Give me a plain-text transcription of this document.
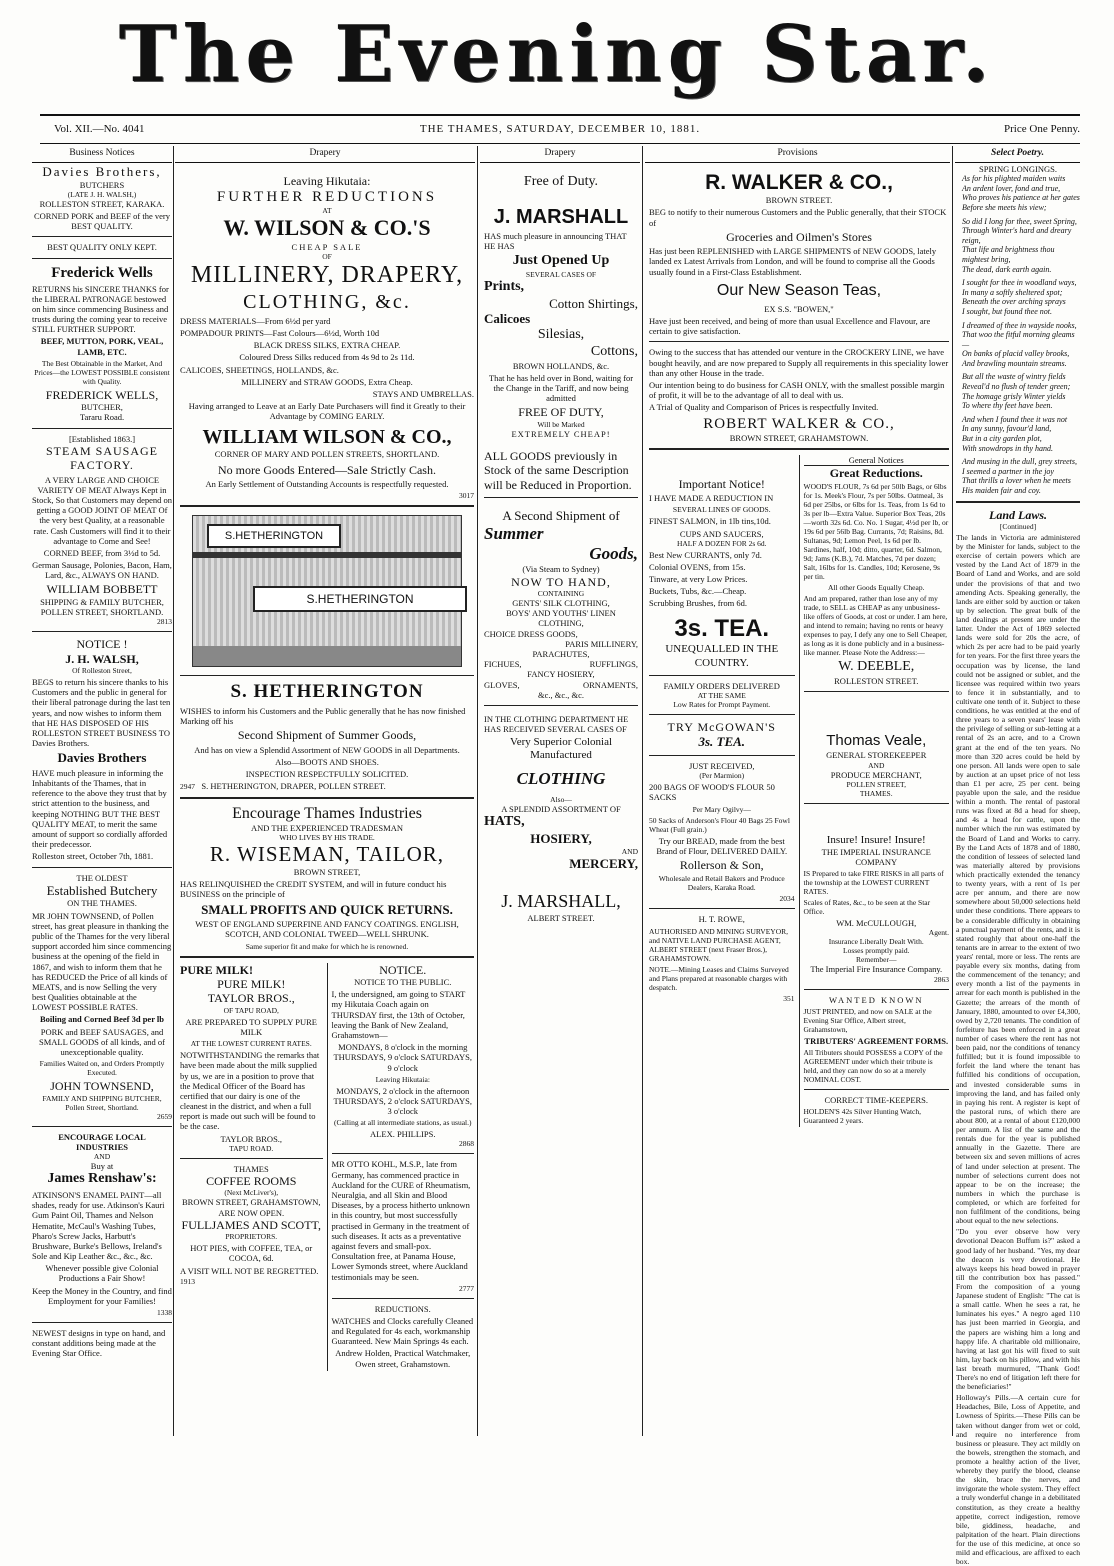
The Evening Star.
Vol. XII.—No. 4041	THE THAMES, SATURDAY, DECEMBER 10, 1881.	Price One Penny.
Business Notices	Drapery	Drapery	Provisions	Select Poetry.
Davies Brothers,
BUTCHERS
(LATE J. H. WALSH,)
ROLLESTON STREET, KARAKA.

CORNED PORK and BEEF of the very BEST QUALITY.

BEST QUALITY ONLY KEPT.
Frederick Wells

RETURNS his SINCERE THANKS for the LIBERAL PATRONAGE bestowed on him since commencing Business and trusts during the coming year to receive STILL FURTHER SUPPORT.

BEEF, MUTTON, PORK, VEAL, LAMB, ETC.

The Best Obtainable in the Market, And Prices—the LOWEST POSSIBLE consistent with Quality.

FREDERICK WELLS,
BUTCHER,
Tararu Road.
[Established 1863.]
STEAM SAUSAGE FACTORY.

A VERY LARGE AND CHOICE VARIETY OF MEAT Always Kept in Stock, So that Customers may depend on getting a GOOD JOINT OF MEAT Of the very best Quality, at a reasonable rate. Cash Customers will find it to their advantage to Come and See!

CORNED BEEF, from 3½d to 5d.

German Sausage, Polonies, Bacon, Ham, Lard, &c., ALWAYS ON HAND.

WILLIAM BOBBETT
SHIPPING & FAMILY BUTCHER, POLLEN STREET, SHORTLAND.
2813
NOTICE !
J. H. WALSH,
Of Rolleston Street,

BEGS to return his sincere thanks to his Customers and the public in general for their liberal patronage during the last ten years, and now wishes to inform them that HE HAS DISPOSED OF HIS ROLLESTON STREET BUSINESS TO Davies Brothers.

Davies Brothers

HAVE much pleasure in informing the Inhabitants of the Thames, that in reference to the above they trust that by strict attention to the business, and keeping NOTHING BUT THE BEST QUALITY MEAT, to merit the same amount of support so cordially afforded their predecessor.

Rolleston street, October 7th, 1881.

THE OLDEST
Established Butchery
ON THE THAMES.

MR JOHN TOWNSEND, of Pollen street, has great pleasure in thanking the public of the Thames for the very liberal support accorded him since commencing business at the opening of the field in 1867, and wish to inform them that he has REDUCED the Price of all kinds of MEATS, and is now Selling the very best Qualities obtainable at the LOWEST POSSIBLE RATES.

Boiling and Corned Beef 3d per lb

PORK and BEEF SAUSAGES, and SMALL GOODS of all kinds, and of unexceptionable quality.

Families Waited on, and Orders Promptly Executed.

JOHN TOWNSEND,
FAMILY AND SHIPPING BUTCHER, Pollen Street, Shortland.
2659
ENCOURAGE LOCAL INDUSTRIES
AND
Buy at
James Renshaw's:

ATKINSON'S ENAMEL PAINT—all shades, ready for use. Atkinson's Kauri Gum Paint Oil, Thames and Nelson Hematite, McCaul's Washing Tubes, Pharo's Screw Jacks, Harbutt's Brushware, Burke's Bellows, Ireland's Sole and Kip Leather &c., &c., &c.

Whenever possible give Colonial Productions a Fair Show!

Keep the Money in the Country, and find Employment for your Families!

1338

NEWEST designs in type on hand, and constant additions being made at the Evening Star Office.

Leaving Hikutaia:
FURTHER REDUCTIONS
AT
W. WILSON & CO.'S
CHEAP SALE
OF
MILLINERY, DRAPERY,
CLOTHING, &c.

DRESS MATERIALS—From 6½d per yard

POMPADOUR PRINTS—Fast Colours—6½d, Worth 10d

BLACK DRESS SILKS, EXTRA CHEAP.

Coloured Dress Silks reduced from 4s 9d to 2s 11d.

CALICOES, SHEETINGS, HOLLANDS, &c.

MILLINERY and STRAW GOODS, Extra Cheap.

STAYS AND UMBRELLAS.

Having arranged to Leave at an Early Date Purchasers will find it Greatly to their Advantage by COMING EARLY.

WILLIAM WILSON & CO.,
CORNER OF MARY AND POLLEN STREETS, SHORTLAND.
No more Goods Entered—Sale Strictly Cash.

An Early Settlement of Outstanding Accounts is respectfully requested.

3017
S.HETHERINGTON
S.HETHERINGTON
S. HETHERINGTON

WISHES to inform his Customers and the Public generally that he has now finished Marking off his

Second Shipment of Summer Goods,

And has on view a Splendid Assortment of NEW GOODS in all Departments.

Also—BOOTS AND SHOES.

INSPECTION RESPECTFULLY SOLICITED.

2947 S. HETHERINGTON, DRAPER, POLLEN STREET.

Encourage Thames Industries
AND THE EXPERIENCED TRADESMAN
WHO LIVES BY HIS TRADE.
R. WISEMAN, TAILOR,
BROWN STREET,

HAS RELINQUISHED the CREDIT SYSTEM, and will in future conduct his BUSINESS on the principle of

SMALL PROFITS AND QUICK RETURNS.

WEST OF ENGLAND SUPERFINE AND FANCY COATINGS. ENGLISH, SCOTCH, AND COLONIAL TWEED—WELL SHRUNK.

Same superior fit and make for which he is renowned.

PURE MILK!
PURE MILK!
TAYLOR BROS.,
OF TAPU ROAD,

ARE PREPARED TO SUPPLY PURE MILK

AT THE LOWEST CURRENT RATES.

NOTWITHSTANDING the remarks that have been made about the milk supplied by us, we are in a position to prove that the Medical Officer of the Board has certified that our dairy is one of the cleanest in the district, and when a full report is made out such will be found to be the case.

TAYLOR BROS.,
TAPU ROAD.
THAMES
COFFEE ROOMS
(Next McLiver's),
BROWN STREET, GRAHAMSTOWN,
ARE NOW OPEN.
FULLJAMES AND SCOTT,
PROPRIETORS.

HOT PIES, with COFFEE, TEA, or COCOA, 6d.

A VISIT WILL NOT BE REGRETTED. 1913

NOTICE.
NOTICE TO THE PUBLIC.

I, the undersigned, am going to START my Hikutaia Coach again on THURSDAY first, the 13th of October, leaving the Bank of New Zealand, Grahamstown—

MONDAYS, 8 o'clock in the morning THURSDAYS, 9 o'clock SATURDAYS, 9 o'clock

Leaving Hikutaia:

MONDAYS, 2 o'clock in the afternoon THURSDAYS, 2 o'clock SATURDAYS, 3 o'clock

(Calling at all intermediate stations, as usual.)

ALEX. PHILLIPS.
2868

MR OTTO KOHL, M.S.P., late from Germany, has commenced practice in Auckland for the CURE of Rheumatism, Neuralgia, and all Skin and Blood Diseases, by a process hitherto unknown in this country, but most successfully practised in Germany in the treatment of such diseases. It acts as a preventative against fevers and small-pox. Consultation free, at Panama House, Lower Symonds street, where Auckland testimonials may be seen.

2777
REDUCTIONS.

WATCHES and Clocks carefully Cleaned and Regulated for 4s each, workmanship Guaranteed. New Main Springs 4s each.

Andrew Holden, Practical Watchmaker, Owen street, Grahamstown.

Free of Duty.
J. MARSHALL

HAS much pleasure in announcing THAT HE HAS

Just Opened Up
SEVERAL CASES OF
Prints,
Cotton Shirtings,
Calicoes
Silesias,
Cottons,
BROWN HOLLANDS, &c.

That he has held over in Bond, waiting for the Change in the Tariff, and now being admitted

FREE OF DUTY,
Will be Marked
EXTREMELY CHEAP!

ALL GOODS previously in Stock of the same Description will be Reduced in Proportion.

A Second Shipment of
Summer
Goods,
(Via Steam to Sydney)
NOW TO HAND,
CONTAINING
GENTS' SILK CLOTHING,
BOYS' AND YOUTHS' LINEN CLOTHING,
CHOICE DRESS GOODS,
PARIS MILLINERY,
PARACHUTES,
FICHUES,	RUFFLINGS,
FANCY HOSIERY,
GLOVES,	ORNAMENTS,
&c., &c., &c.

IN THE CLOTHING DEPARTMENT HE HAS RECEIVED SEVERAL CASES OF

Very Superior Colonial Manufactured
CLOTHING
Also—
A SPLENDID ASSORTMENT OF
HATS,
HOSIERY,
AND
MERCERY,
J. MARSHALL,
ALBERT STREET.
R. WALKER & CO.,
BROWN STREET.

BEG to notify to their numerous Customers and the Public generally, that their STOCK of

Groceries and Oilmen's Stores

Has just been REPLENISHED with LARGE SHIPMENTS of NEW GOODS, lately landed ex Latest Arrivals from London, and will be found to comprise all the Goods usually found in a First-Class Establishment.

Our New Season Teas,
EX S.S. "BOWEN,"

Have just been received, and being of more than usual Excellence and Flavour, are certain to give satisfaction.

Owing to the success that has attended our venture in the CROCKERY LINE, we have bought heavily, and are now prepared to Supply all requirements in this speciality lower than any other House in the trade.

Our intention being to do business for CASH ONLY, with the smallest possible margin of profit, it will be to the advantage of all to deal with us.

A Trial of Quality and Comparison of Prices is respectfully Invited.

ROBERT WALKER & CO.,
BROWN STREET, GRAHAMSTOWN.
Important Notice!

I HAVE MADE A REDUCTION IN

SEVERAL LINES OF GOODS.

FINEST SALMON, in 1lb tins,10d.

CUPS AND SAUCERS,
HALF A DOZEN FOR 2s 6d.

Best New CURRANTS, only 7d.

Colonial OVENS, from 15s.

Tinware, at very Low Prices.

Buckets, Tubs, &c.—Cheap.

Scrubbing Brushes, from 6d.

3s. TEA.
UNEQUALLED IN THE COUNTRY.
FAMILY ORDERS DELIVERED
AT THE SAME
Low Rates for Prompt Payment.
TRY McGOWAN'S
3s. TEA.
JUST RECEIVED,
(Per Marmion)

200 BAGS OF WOOD'S FLOUR 50 SACKS

Per Mary Ogilvy—

50 Sacks of Anderson's Flour 40 Bags 25 Fowl Wheat (Full grain.)

Try our BREAD, made from the best Brand of Flour, DELIVERED DAILY.

Rollerson & Son,

Wholesale and Retail Bakers and Produce Dealers, Karaka Road.

2034
H. T. ROWE,

AUTHORISED AND MINING SURVEYOR, and NATIVE LAND PURCHASE AGENT, ALBERT STREET (next Fraser Bros.), GRAHAMSTOWN.

NOTE.—Mining Leases and Claims Surveyed and Plans prepared at reasonable charges with despatch.

351
General Notices
Great Reductions.

WOOD'S FLOUR, 7s 6d per 50lb Bags, or 6lbs for 1s. Meek's Flour, 7s per 50lbs. Oatmeal, 3s 6d per 25lbs, or 6lbs for 1s. Teas, from 1s 6d to 3s per lb—Extra Value. Superior Box Teas, 20s—worth 32s 6d. Co. No. 1 Sugar, 4½d per lb, or 19s 6d per 56lb Bag. Currants, 7d; Raisins, 8d. Sultanas, 9d; Lemon Peel, 1s 6d per lb. Sardines, half, 10d; ditto, quarter, 6d. Salmon, 9d; Jams (K.B.), 7d. Matches, 7d per dozen; Salt, 16lbs for 1s. Candles, 10d; Kerosene, 9s per tin.

All other Goods Equally Cheap.

And am prepared, rather than lose any of my trade, to SELL as CHEAP as any unbusiness-like offers of Goods, at cost or under. I am here, and intend to remain; having no rents or heavy expenses to pay, I defy any one to Sell Cheaper, as long as it is done publicly and in a business-like manner. Please Note the Address:—

W. DEEBLE,
ROLLESTON STREET.
Thomas Veale,
GENERAL STOREKEEPER
AND
PRODUCE MERCHANT,
POLLEN STREET,
THAMES.
Insure! Insure! Insure!
THE IMPERIAL INSURANCE COMPANY

IS Prepared to take FIRE RISKS in all parts of the township at the LOWEST CURRENT RATES.

Scales of Rates, &c., to be seen at the Star Office.

WM. McCULLOUGH,
Agent.
Insurance Liberally Dealt With.
Losses promptly paid.
Remember—
The Imperial Fire Insurance Company.
2863
WANTED KNOWN

JUST PRINTED, and now on SALE at the Evening Star Office, Albert street, Grahamstown,

TRIBUTERS' AGREEMENT FORMS.

All Tributers should POSSESS a COPY of the AGREEMENT under which their tribute is held, and they can now do so at a merely NOMINAL COST.

CORRECT TIME-KEEPERS.

HOLDEN'S 42s Silver Hunting Watch, Guaranteed 2 years.

SPRING LONGINGS.

As for his plighted maiden waits

An ardent lover, fond and true,

Who proves his patience at her gates

Before she meets his view;

So did I long for thee, sweet Spring,

Through Winter's hard and dreary reign,

That life and brightness thou mightest bring,

The dead, dark earth again.

I sought for thee in woodland ways,

In many a softly sheltered spot;

Beneath the over arching sprays

I sought, but found thee not.

I dreamed of thee in wayside nooks,

That woo the fitful morning gleams—

On banks of placid valley brooks,

And brawling mountain streams.

But all the waste of wintry fields

Reveal'd no flush of tender green;

The homage grisly Winter yields

To where thy feet have been.

And when I found thee it was not

In any sunny, favour'd land,

But in a city garden plot,

With snowdrops in thy hand.

And musing in the dull, grey streets,

I seemed a partner in the joy

That thrills a lover when he meets

His maiden fair and coy.

Land Laws.
[Continued]

The lands in Victoria are administered by the Minister for lands, subject to the exercise of certain powers which are vested by the Land Act of 1879 in the Board of Land and Works, and are sold under the provisions of that and two amending Acts. Speaking generally, the lands are either sold by auction or taken up by selection. The great bulk of the land dealings at present are under the latter. Under the Act of 1869 selected lands were sold for 20s the acre, of which 2s per acre had to be paid yearly for ten years. For the first three years the occupation was by license, the land could not be assigned or sublet, and the licensee was required within two years to fence it in substantially, and to cultivate one tenth of it. Subject to these conditions, he was entitled at the end of three years to a seven years' lease with the privilege of selling or sub-letting at a rental of 2s an acre, and to a Crown grant at the end of the ten years. No more than 320 acres could be held by one person. All lands were open to sale by auction at an upset price of not less than £1 per acre, 25 per cent. being payable upon the sale, and the residue within a month. The rental of pastoral runs was fixed at 8d a head for sheep, and 4s a head for cattle, upon the number which the run was estimated by the Board of Land and Works to carry. By the Land Acts of 1878 and of 1880, the condition of lessees of selected land was materially altered by provisions which practically extended the tenancy to twenty years, with a rent of 1s per acre per annum, and there are now somewhere about 50,000 selections held under these conditions. There appears to be a considerable difficulty in obtaining a punctual payment of the rents, and it is stated roughly that about one-half the tenants are in arrear to the extent of two years' rental, more or less. The rents are payable every six months, dating from the commencement of the tenancy; and every month a list of the payments in arrear for each month is published in the Gazette; the arrears of the month of January, 1880, amounted to over £4,300, owed by 2,720 tenants. The condition of forfeiture has been enforced in a great number of cases where the rent has not been paid, nor the conditions of tenancy fulfilled; but it is found impossible to forfeit the land where the tenant has fulfilled his conditions of occupation, and invested considerable sums in improving the land, and has failed only in paying his rent. A register is kept of the pastoral runs, of which there are about 800, at a rental of about £120,000 per annum. A list of the same and the rentals due for the year is published annually in the Gazette. There are between six and seven millions of acres of land under selection at present. The number of selections current does not appear to be on the increase; the numbers in which the purchase is completed, or which are forfeited for non fulfilment of the conditions, being about equal to the new selections.

"Do you ever observe how very devotional Deacon Buffum is?" asked a good lady of her husband. "Yes, my dear the deacon is very devotional. He always keeps his head bowed in prayer till the contribution box has passed." From the composition of a young Japanese student of English: "The cat is a small cattle. When he sees a rat, he luminates his eyes." A negro aged 110 has just been married in Georgia, and the papers are wishing him a long and happy life. A charitable old millionaire, having at last got his will fixed to suit him, lay back on his pillow, and with his last breath murmured, "Thank God! There's no end of litigation left there for the beneficiaries!"

Holloway's Pills.—A certain cure for Headaches, Bile, Loss of Appetite, and Lowness of Spirits.—These Pills can be taken without danger from wet or cold, and require no interference from business or pleasure. They act mildly on the bowels, strengthen the stomach, and promote a healthy action of the liver, whereby they purify the blood, cleanse the skin, brace the nerves, and invigorate the whole system. They effect a truly wonderful change in a debilitated constitution, as they create a healthy appetite, correct indigestion, remove bile, giddiness, headache, and palpitation of the heart. Plain directions for the use of this medicine, at once so mild and efficacious, are affixed to each box.
